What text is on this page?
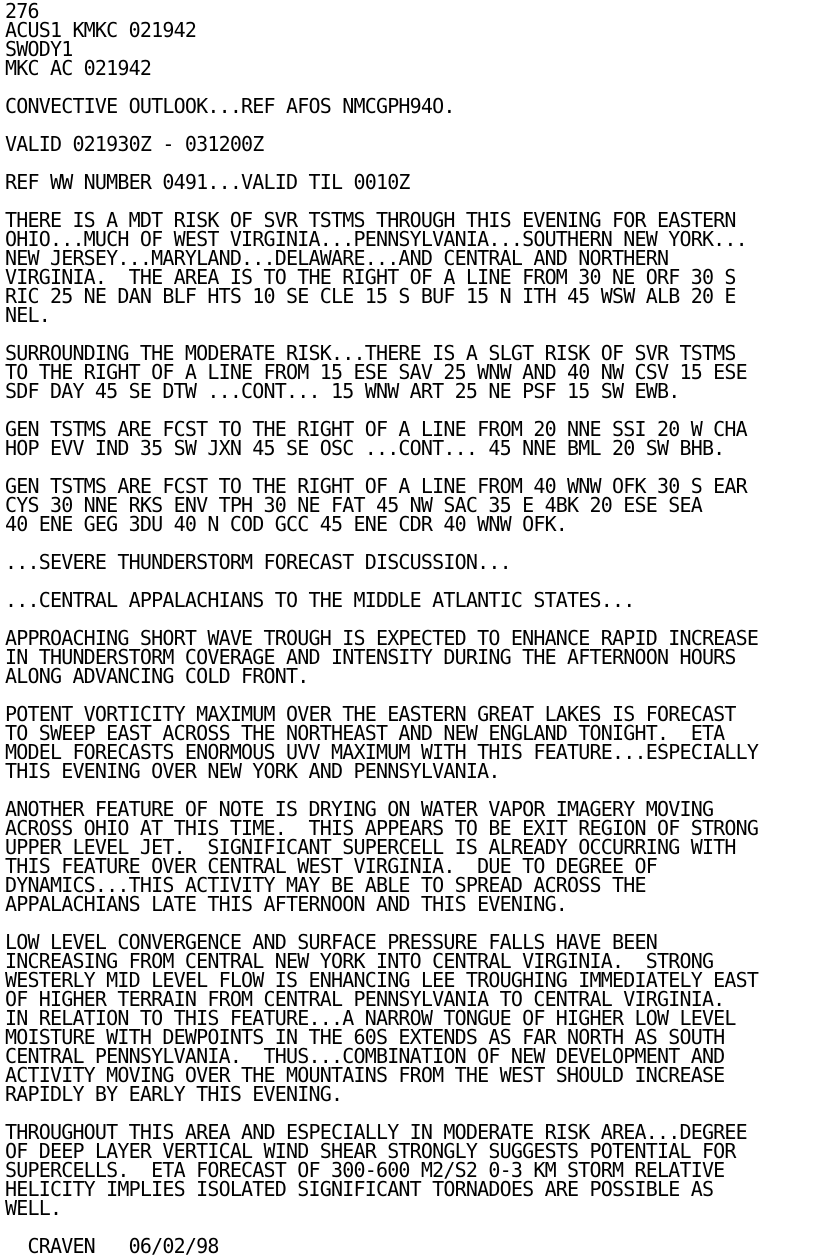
276
ACUS1 KMKC 021942
SWODY1
MKC AC 021942

CONVECTIVE OUTLOOK...REF AFOS NMCGPH94O.

VALID 021930Z - 031200Z

REF WW NUMBER 0491...VALID TIL 0010Z

THERE IS A MDT RISK OF SVR TSTMS THROUGH THIS EVENING FOR EASTERN
OHIO...MUCH OF WEST VIRGINIA...PENNSYLVANIA...SOUTHERN NEW YORK...
NEW JERSEY...MARYLAND...DELAWARE...AND CENTRAL AND NORTHERN
VIRGINIA.  THE AREA IS TO THE RIGHT OF A LINE FROM 30 NE ORF 30 S
RIC 25 NE DAN BLF HTS 10 SE CLE 15 S BUF 15 N ITH 45 WSW ALB 20 E
NEL.

SURROUNDING THE MODERATE RISK...THERE IS A SLGT RISK OF SVR TSTMS
TO THE RIGHT OF A LINE FROM 15 ESE SAV 25 WNW AND 40 NW CSV 15 ESE
SDF DAY 45 SE DTW ...CONT... 15 WNW ART 25 NE PSF 15 SW EWB.

GEN TSTMS ARE FCST TO THE RIGHT OF A LINE FROM 20 NNE SSI 20 W CHA
HOP EVV IND 35 SW JXN 45 SE OSC ...CONT... 45 NNE BML 20 SW BHB.

GEN TSTMS ARE FCST TO THE RIGHT OF A LINE FROM 40 WNW OFK 30 S EAR
CYS 30 NNE RKS ENV TPH 30 NE FAT 45 NW SAC 35 E 4BK 20 ESE SEA
40 ENE GEG 3DU 40 N COD GCC 45 ENE CDR 40 WNW OFK.

...SEVERE THUNDERSTORM FORECAST DISCUSSION...

...CENTRAL APPALACHIANS TO THE MIDDLE ATLANTIC STATES...

APPROACHING SHORT WAVE TROUGH IS EXPECTED TO ENHANCE RAPID INCREASE
IN THUNDERSTORM COVERAGE AND INTENSITY DURING THE AFTERNOON HOURS
ALONG ADVANCING COLD FRONT.

POTENT VORTICITY MAXIMUM OVER THE EASTERN GREAT LAKES IS FORECAST
TO SWEEP EAST ACROSS THE NORTHEAST AND NEW ENGLAND TONIGHT.  ETA
MODEL FORECASTS ENORMOUS UVV MAXIMUM WITH THIS FEATURE...ESPECIALLY
THIS EVENING OVER NEW YORK AND PENNSYLVANIA.

ANOTHER FEATURE OF NOTE IS DRYING ON WATER VAPOR IMAGERY MOVING
ACROSS OHIO AT THIS TIME.  THIS APPEARS TO BE EXIT REGION OF STRONG
UPPER LEVEL JET.  SIGNIFICANT SUPERCELL IS ALREADY OCCURRING WITH
THIS FEATURE OVER CENTRAL WEST VIRGINIA.  DUE TO DEGREE OF
DYNAMICS...THIS ACTIVITY MAY BE ABLE TO SPREAD ACROSS THE
APPALACHIANS LATE THIS AFTERNOON AND THIS EVENING.

LOW LEVEL CONVERGENCE AND SURFACE PRESSURE FALLS HAVE BEEN
INCREASING FROM CENTRAL NEW YORK INTO CENTRAL VIRGINIA.  STRONG
WESTERLY MID LEVEL FLOW IS ENHANCING LEE TROUGHING IMMEDIATELY EAST
OF HIGHER TERRAIN FROM CENTRAL PENNSYLVANIA TO CENTRAL VIRGINIA.
IN RELATION TO THIS FEATURE...A NARROW TONGUE OF HIGHER LOW LEVEL
MOISTURE WITH DEWPOINTS IN THE 60S EXTENDS AS FAR NORTH AS SOUTH
CENTRAL PENNSYLVANIA.  THUS...COMBINATION OF NEW DEVELOPMENT AND
ACTIVITY MOVING OVER THE MOUNTAINS FROM THE WEST SHOULD INCREASE
RAPIDLY BY EARLY THIS EVENING.

THROUGHOUT THIS AREA AND ESPECIALLY IN MODERATE RISK AREA...DEGREE
OF DEEP LAYER VERTICAL WIND SHEAR STRONGLY SUGGESTS POTENTIAL FOR
SUPERCELLS.  ETA FORECAST OF 300-600 M2/S2 0-3 KM STORM RELATIVE
HELICITY IMPLIES ISOLATED SIGNIFICANT TORNADOES ARE POSSIBLE AS
WELL.

CRAVEN   06/02/98
